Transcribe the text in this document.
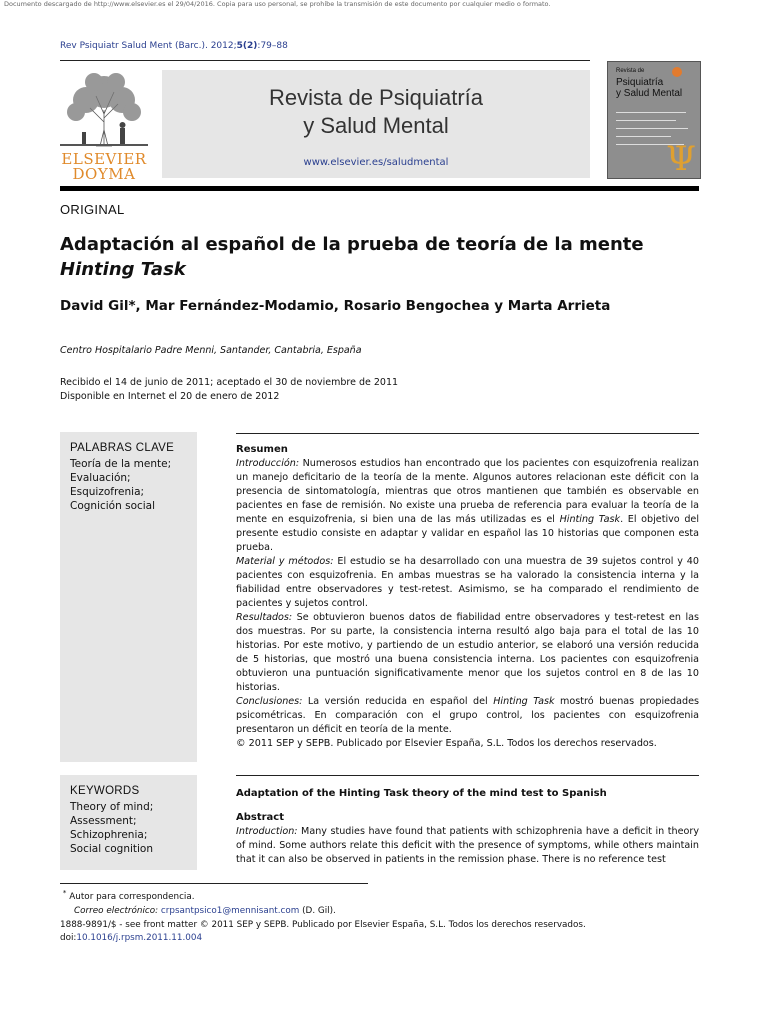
Documento descargado de http://www.elsevier.es el 29/04/2016. Copia para uso personal, se prohíbe la transmisión de este documento por cualquier medio o formato.
Rev Psiquiatr Salud Ment (Barc.). 2012;5(2):79–88
ELSEVIER
DOYMA
Revista de Psiquiatría
y Salud Mental
www.elsevier.es/saludmental
Revista de
Psiquiatría
y Salud Mental
Ψ
ORIGINAL
Adaptación al español de la prueba de teoría de la mente Hinting Task
David Gil*, Mar Fernández-Modamio, Rosario Bengochea y Marta Arrieta
Centro Hospitalario Padre Menni, Santander, Cantabria, España
Recibido el 14 de junio de 2011; aceptado el 30 de noviembre de 2011
Disponible en Internet el 20 de enero de 2012
PALABRAS CLAVE
Teoría de la mente;
Evaluación;
Esquizofrenia;
Cognición social

Resumen

Introducción: Numerosos estudios han encontrado que los pacientes con esquizofrenia realizan un manejo deficitario de la teoría de la mente. Algunos autores relacionan este déficit con la presencia de sintomatología, mientras que otros mantienen que también es observable en pacientes en fase de remisión. No existe una prueba de referencia para evaluar la teoría de la mente en esquizofrenia, si bien una de las más utilizadas es el Hinting Task. El objetivo del presente estudio consiste en adaptar y validar en español las 10 historias que componen esta prueba.

Material y métodos: El estudio se ha desarrollado con una muestra de 39 sujetos control y 40 pacientes con esquizofrenia. En ambas muestras se ha valorado la consistencia interna y la fiabilidad entre observadores y test-retest. Asimismo, se ha comparado el rendimiento de pacientes y sujetos control.

Resultados: Se obtuvieron buenos datos de fiabilidad entre observadores y test-retest en las dos muestras. Por su parte, la consistencia interna resultó algo baja para el total de las 10 historias. Por este motivo, y partiendo de un estudio anterior, se elaboró una versión reducida de 5 historias, que mostró una buena consistencia interna. Los pacientes con esquizofrenia obtuvieron una puntuación significativamente menor que los sujetos control en 8 de las 10 historias.

Conclusiones: La versión reducida en español del Hinting Task mostró buenas propiedades psicométricas. En comparación con el grupo control, los pacientes con esquizofrenia presentaron un déficit en teoría de la mente.

© 2011 SEP y SEPB. Publicado por Elsevier España, S.L. Todos los derechos reservados.

KEYWORDS
Theory of mind;
Assessment;
Schizophrenia;
Social cognition

Adaptation of the Hinting Task theory of the mind test to Spanish

Abstract

Introduction: Many studies have found that patients with schizophrenia have a deficit in theory of mind. Some authors relate this deficit with the presence of symptoms, while others maintain that it can also be observed in patients in the remission phase. There is no reference test

* Autor para correspondencia.
Correo electrónico: crpsantpsico1@mennisant.com (D. Gil).
1888-9891/$ - see front matter © 2011 SEP y SEPB. Publicado por Elsevier España, S.L. Todos los derechos reservados.
doi:10.1016/j.rpsm.2011.11.004
